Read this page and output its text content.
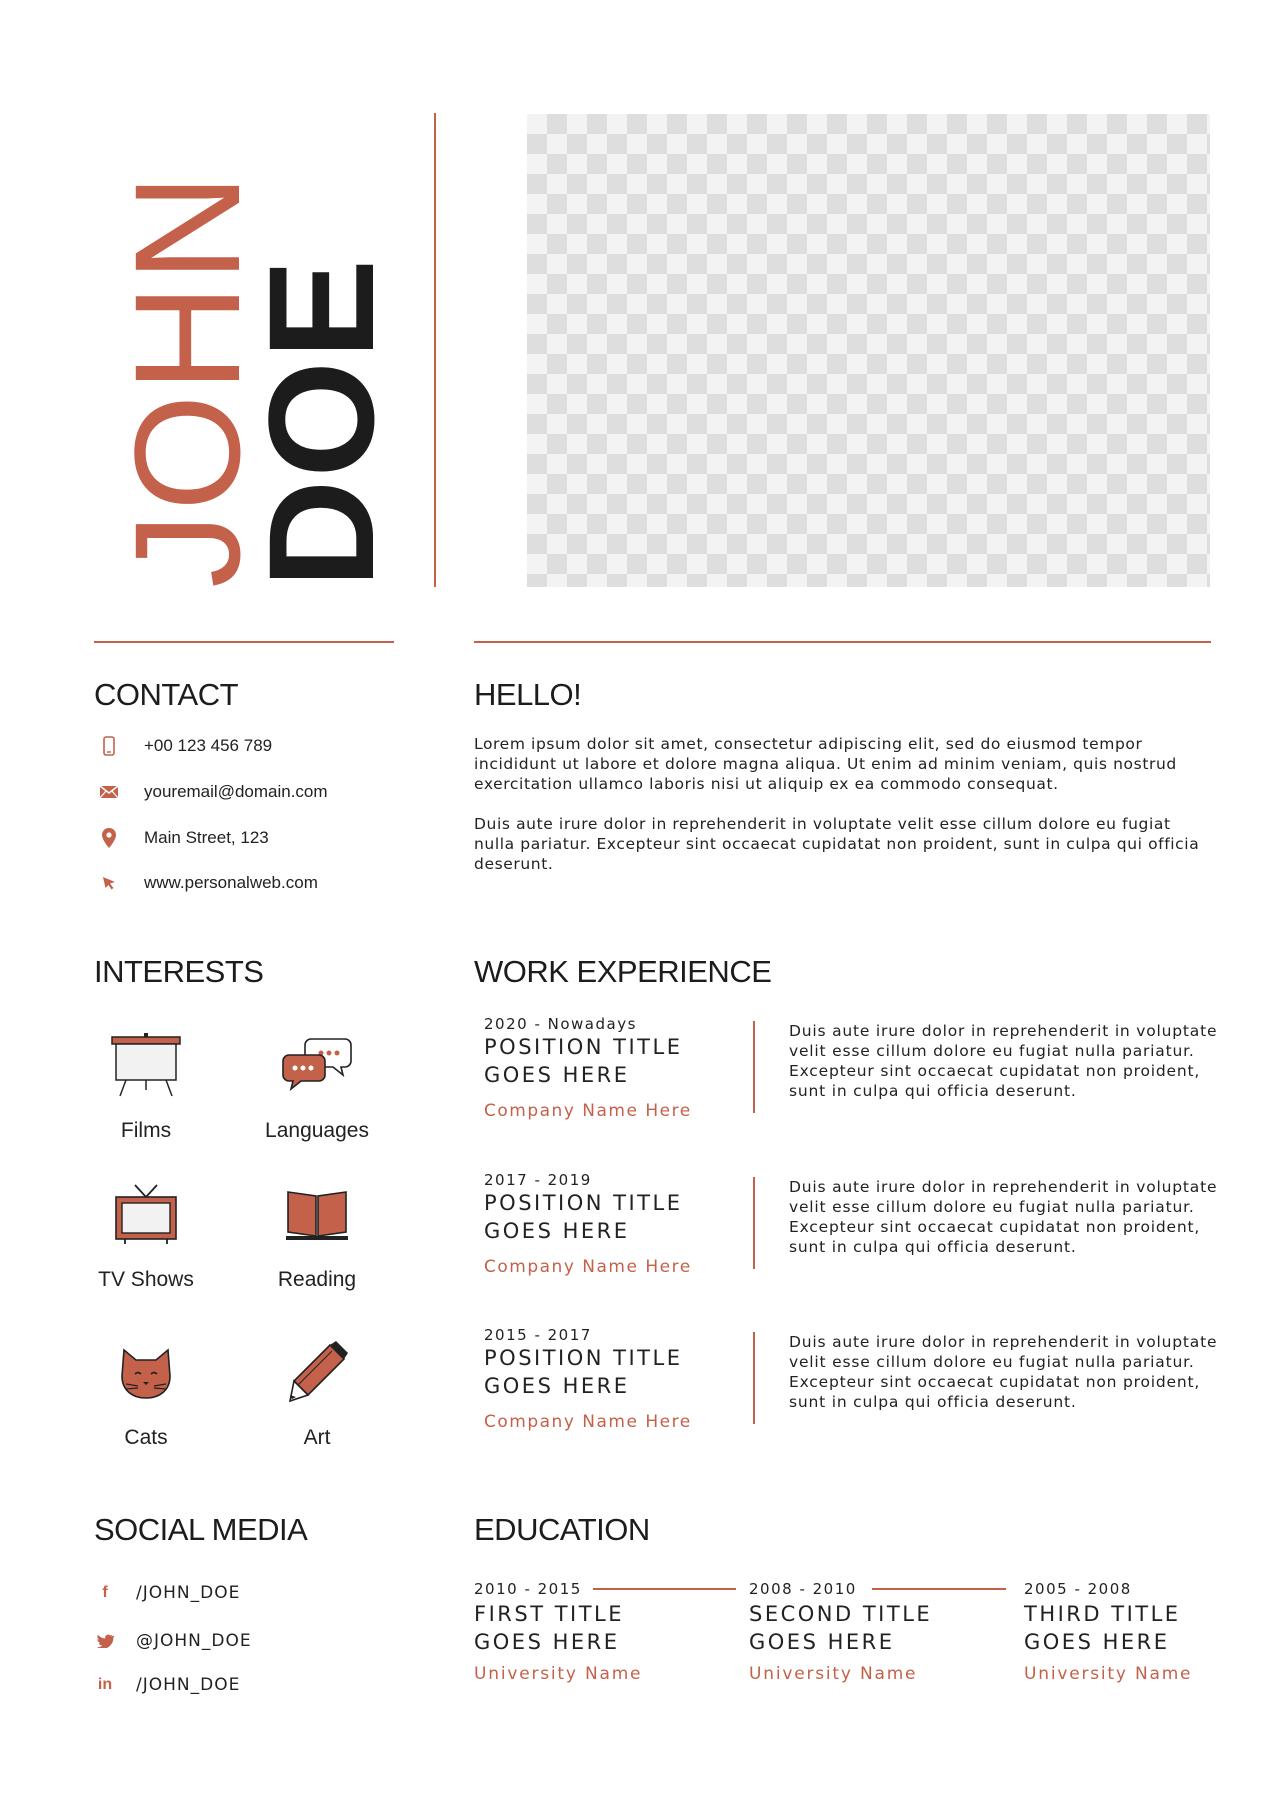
JOHN
DOE
CONTACT
+00 123 456 789
youremail@domain.com
Main Street, 123
www.personalweb.com
HELLO!

Lorem ipsum dolor sit amet, consectetur adipiscing elit, sed do eiusmod tempor incididunt ut labore et dolore magna aliqua. Ut enim ad minim veniam, quis nostrud exercitation ullamco laboris nisi ut aliquip ex ea commodo consequat.

Duis aute irure dolor in reprehenderit in voluptate velit esse cillum dolore eu fugiat nulla pariatur. Excepteur sint occaecat cupidatat non proident, sunt in culpa qui officia deserunt.

INTERESTS
Films	Languages
TV Shows	Reading
Cats	Art
WORK EXPERIENCE
2020 - Nowadays
POSITION TITLE
GOES HERE
Company Name Here
Duis aute irure dolor in reprehenderit in voluptate velit esse cillum dolore eu fugiat nulla pariatur. Excepteur sint occaecat cupidatat non proident, sunt in culpa qui officia deserunt.
2017 - 2019
POSITION TITLE
GOES HERE
Company Name Here
Duis aute irure dolor in reprehenderit in voluptate velit esse cillum dolore eu fugiat nulla pariatur. Excepteur sint occaecat cupidatat non proident, sunt in culpa qui officia deserunt.
2015 - 2017
POSITION TITLE
GOES HERE
Company Name Here
Duis aute irure dolor in reprehenderit in voluptate velit esse cillum dolore eu fugiat nulla pariatur. Excepteur sint occaecat cupidatat non proident, sunt in culpa qui officia deserunt.
SOCIAL MEDIA
f	/JOHN_DOE
@JOHN_DOE
in /JOHN_DOE
EDUCATION
2010 - 2015
FIRST TITLE
GOES HERE
University Name
2008 - 2010
SECOND TITLE
GOES HERE
University Name
2005 - 2008
THIRD TITLE
GOES HERE
University Name
